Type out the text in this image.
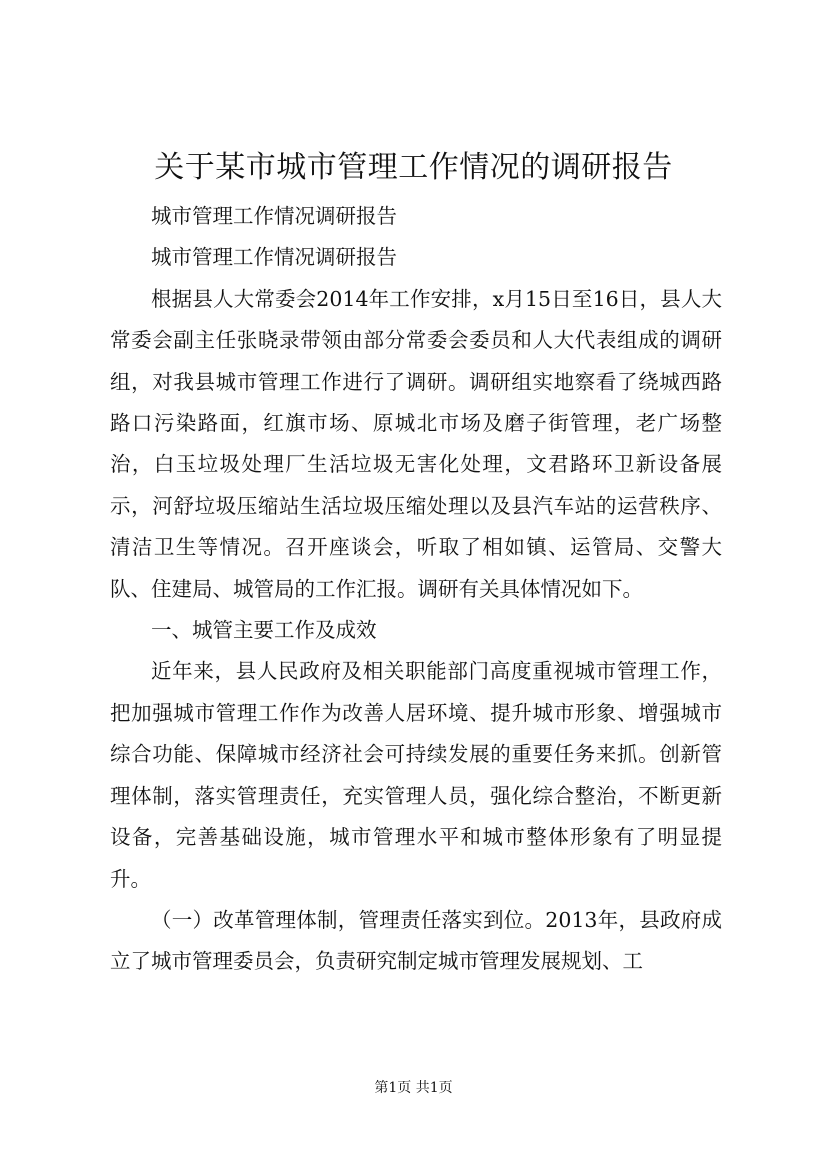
关于某市城市管理工作情况的调研报告

城市管理工作情况调研报告

城市管理工作情况调研报告

根据县人大常委会2014年工作安排，x月15日至16日，县人大常委会副主任张晓录带领由部分常委会委员和人大代表组成的调研组，对我县城市管理工作进行了调研。调研组实地察看了绕城西路路口污染路面，红旗市场、原城北市场及磨子街管理，老广场整治，白玉垃圾处理厂生活垃圾无害化处理，文君路环卫新设备展示，河舒垃圾压缩站生活垃圾压缩处理以及县汽车站的运营秩序、清洁卫生等情况。召开座谈会，听取了相如镇、运管局、交警大队、住建局、城管局的工作汇报。调研有关具体情况如下。

一、城管主要工作及成效

近年来，县人民政府及相关职能部门高度重视城市管理工作，把加强城市管理工作作为改善人居环境、提升城市形象、增强城市综合功能、保障城市经济社会可持续发展的重要任务来抓。创新管理体制，落实管理责任，充实管理人员，强化综合整治，不断更新设备，完善基础设施，城市管理水平和城市整体形象有了明显提升。

（一）改革管理体制，管理责任落实到位。2013年，县政府成立了城市管理委员会，负责研究制定城市管理发展规划、工

第1页 共1页
